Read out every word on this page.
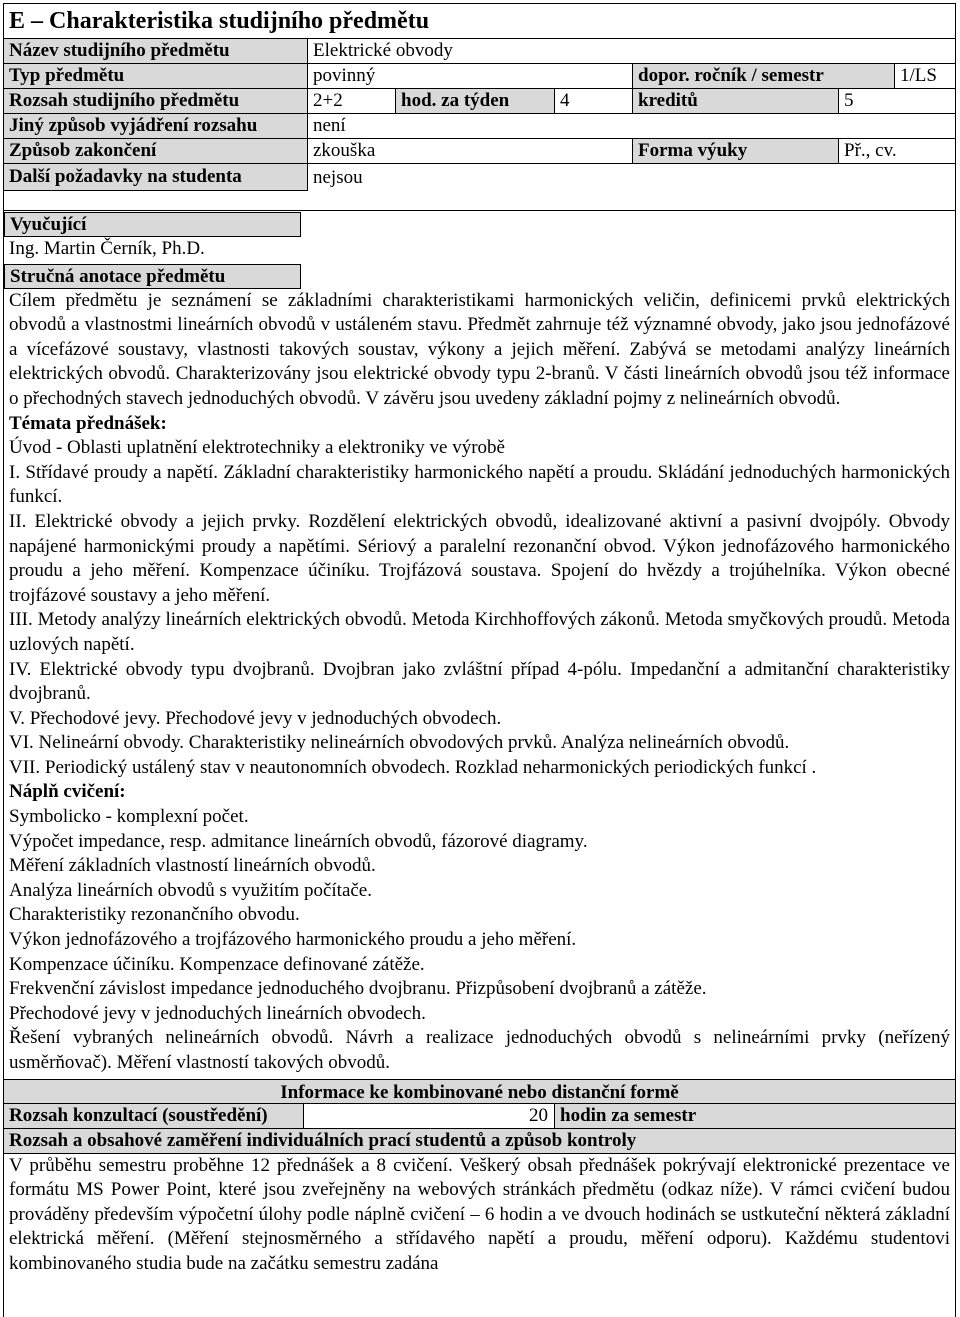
E – Charakteristika studijního předmětu
Název studijního předmětu	Elektrické obvody
Typ předmětu	povinný	dopor. ročník / semestr	1/LS
Rozsah studijního předmětu	2+2	hod. za týden	4	kreditů	5
Jiný způsob vyjádření rozsahu	není
Způsob zakončení	zkouška	Forma výuky	Př., cv.
Další požadavky na studenta	nejsou
Vyučující
Ing. Martin Černík, Ph.D.
Stručná anotace předmětu
Cílem předmětu je seznámení se základními charakteristikami harmonických veličin, definicemi prvků elektrických obvodů a vlastnostmi lineárních obvodů v ustáleném stavu. Předmět zahrnuje též významné obvody, jako jsou jednofázové a vícefázové soustavy, vlastnosti takových soustav, výkony a jejich měření. Zabývá se metodami analýzy lineárních elektrických obvodů. Charakterizovány jsou elektrické obvody typu 2-branů. V části lineárních obvodů jsou též informace o přechodných stavech jednoduchých obvodů. V závěru jsou uvedeny základní pojmy z nelineárních obvodů.
Témata přednášek:
Úvod - Oblasti uplatnění elektrotechniky a elektroniky ve výrobě
I. Střídavé proudy a napětí. Základní charakteristiky harmonického napětí a proudu. Skládání jednoduchých harmonických funkcí.
II. Elektrické obvody a jejich prvky. Rozdělení elektrických obvodů, idealizované aktivní a pasivní dvojpóly. Obvody napájené harmonickými proudy a napětími. Sériový a paralelní rezonanční obvod. Výkon jednofázového harmonického proudu a jeho měření. Kompenzace účiníku. Trojfázová soustava. Spojení do hvězdy a trojúhelníka. Výkon obecné trojfázové soustavy a jeho měření.
III. Metody analýzy lineárních elektrických obvodů. Metoda Kirchhoffových zákonů. Metoda smyčkových proudů. Metoda uzlových napětí.
IV. Elektrické obvody typu dvojbranů. Dvojbran jako zvláštní případ 4-pólu. Impedanční a admitanční charakteristiky dvojbranů.
V. Přechodové jevy. Přechodové jevy v jednoduchých obvodech.
VI. Nelineární obvody. Charakteristiky nelineárních obvodových prvků. Analýza nelineárních obvodů.
VII. Periodický ustálený stav v neautonomních obvodech. Rozklad neharmonických periodických funkcí .
Náplň cvičení:
Symbolicko - komplexní počet.
Výpočet impedance, resp. admitance lineárních obvodů, fázorové diagramy.
Měření základních vlastností lineárních obvodů.
Analýza lineárních obvodů s využitím počítače.
Charakteristiky rezonančního obvodu.
Výkon jednofázového a trojfázového harmonického proudu a jeho měření.
Kompenzace účiníku. Kompenzace definované zátěže.
Frekvenční závislost impedance jednoduchého dvojbranu. Přizpůsobení dvojbranů a zátěže.
Přechodové jevy v jednoduchých lineárních obvodech.
Řešení vybraných nelineárních obvodů. Návrh a realizace jednoduchých obvodů s nelineárními prvky (neřízený usměrňovač). Měření vlastností takových obvodů.
Informace ke kombinované nebo distanční formě
Rozsah konzultací (soustředění)	20 hodin za semestr
Rozsah a obsahové zaměření individuálních prací studentů a způsob kontroly
V průběhu semestru proběhne 12 přednášek a 8 cvičení. Veškerý obsah přednášek pokrývají elektronické prezentace ve formátu MS Power Point, které jsou zveřejněny na webových stránkách předmětu (odkaz níže). V rámci cvičení budou prováděny především výpočetní úlohy podle náplně cvičení – 6 hodin a ve dvouch hodinách se ustkuteční některá základní elektrická měření. (Měření stejnosměrného a střídavého napětí a proudu, měření odporu). Každému studentovi kombinovaného studia bude na začátku semestru zadána
